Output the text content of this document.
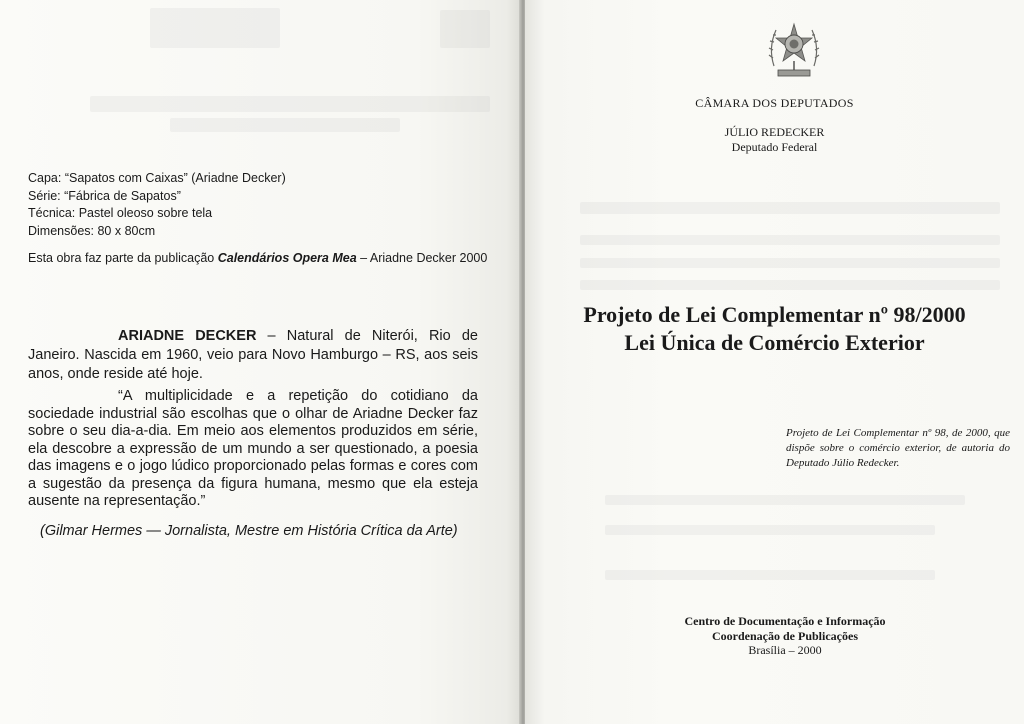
Capa: “Sapatos com Caixas” (Ariadne Decker)
Série: “Fábrica de Sapatos”
Técnica: Pastel oleoso sobre tela
Dimensões: 80 x 80cm
Esta obra faz parte da publicação Calendários Opera Mea – Ariadne Decker 2000

ARIADNE DECKER – Natural de Niterói, Rio de Janeiro. Nascida em 1960, veio para Novo Hamburgo – RS, aos seis anos, onde reside até hoje.

“A multiplicidade e a repetição do cotidiano da sociedade industrial são escolhas que o olhar de Ariadne Decker faz sobre o seu dia-a-dia. Em meio aos elementos produzidos em série, ela descobre a expressão de um mundo a ser questionado, a poesia das imagens e o jogo lúdico proporcionado pelas formas e cores com a sugestão da presença da figura humana, mesmo que ela esteja ausente na representação.”

(Gilmar Hermes — Jornalista, Mestre em História Crítica da Arte)
CÂMARA DOS DEPUTADOS
JÚLIO REDECKER
Deputado Federal
Projeto de Lei Complementar nº 98/2000
Lei Única de Comércio Exterior
Projeto de Lei Complementar nº 98, de 2000, que dispõe sobre o comércio exterior, de autoria do Deputado Júlio Redecker.
Centro de Documentação e Informação
Coordenação de Publicações
Brasília – 2000
